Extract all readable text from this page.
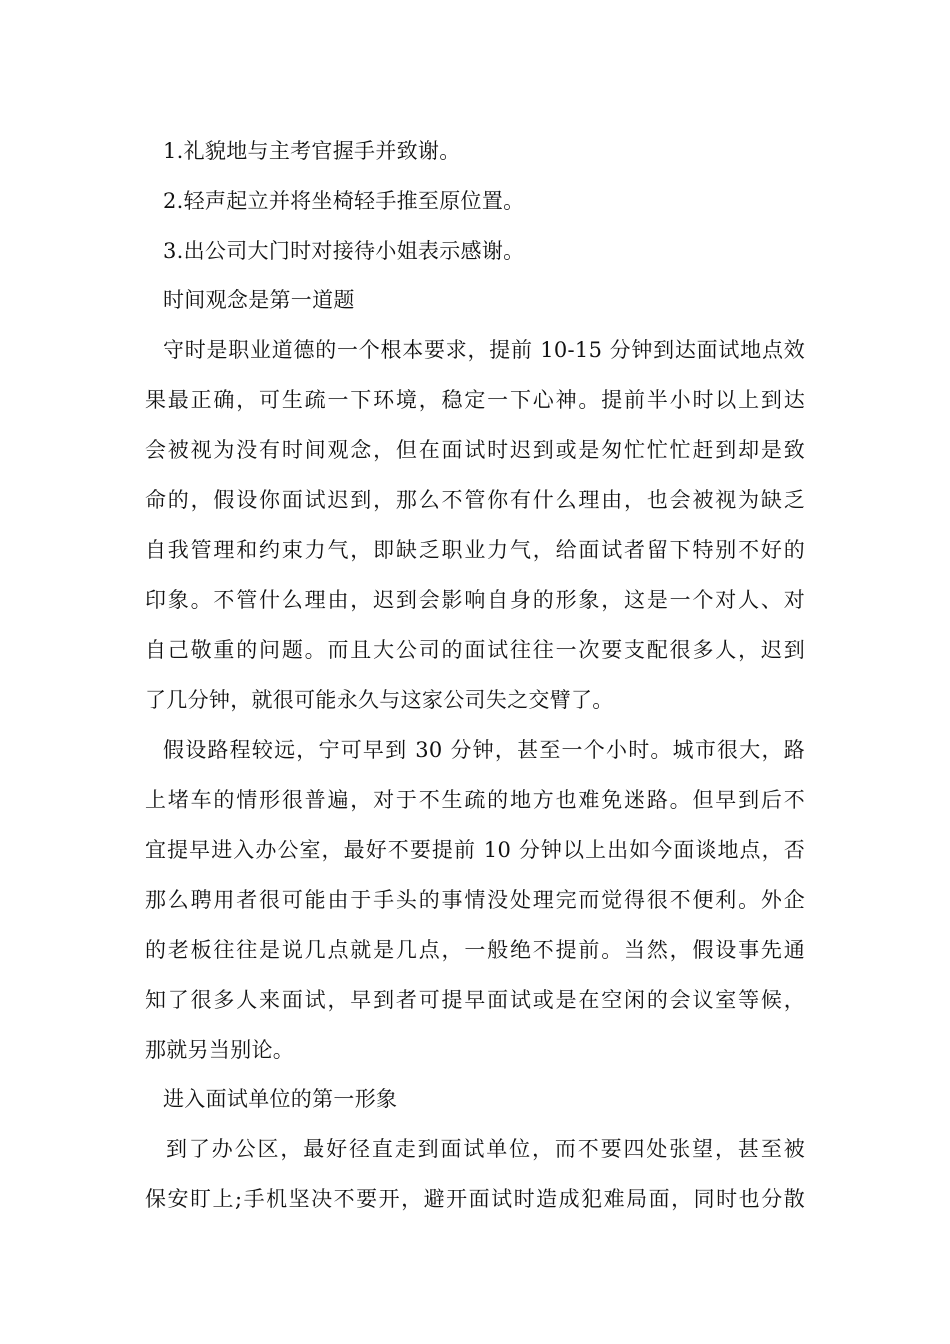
1.礼貌地与主考官握手并致谢。
2.轻声起立并将坐椅轻手推至原位置。
3.出公司大门时对接待小姐表示感谢。
时间观念是第一道题
守时是职业道德的一个根本要求，提前 10-15 分钟到达面试地点效
果最正确，可生疏一下环境，稳定一下心神。提前半小时以上到达
会被视为没有时间观念，但在面试时迟到或是匆忙忙忙赶到却是致
命的，假设你面试迟到，那么不管你有什么理由，也会被视为缺乏
自我管理和约束力气，即缺乏职业力气，给面试者留下特别不好的
印象。不管什么理由，迟到会影响自身的形象，这是一个对人、对
自己敬重的问题。而且大公司的面试往往一次要支配很多人，迟到
了几分钟，就很可能永久与这家公司失之交臂了。
假设路程较远，宁可早到 30 分钟，甚至一个小时。城市很大，路
上堵车的情形很普遍，对于不生疏的地方也难免迷路。但早到后不
宜提早进入办公室，最好不要提前 10 分钟以上出如今面谈地点，否
那么聘用者很可能由于手头的事情没处理完而觉得很不便利。外企
的老板往往是说几点就是几点，一般绝不提前。当然，假设事先通
知了很多人来面试，早到者可提早面试或是在空闲的会议室等候，
那就另当别论。
进入面试单位的第一形象
到了办公区，最好径直走到面试单位，而不要四处张望，甚至被
保安盯上;手机坚决不要开，避开面试时造成犯难局面，同时也分散
